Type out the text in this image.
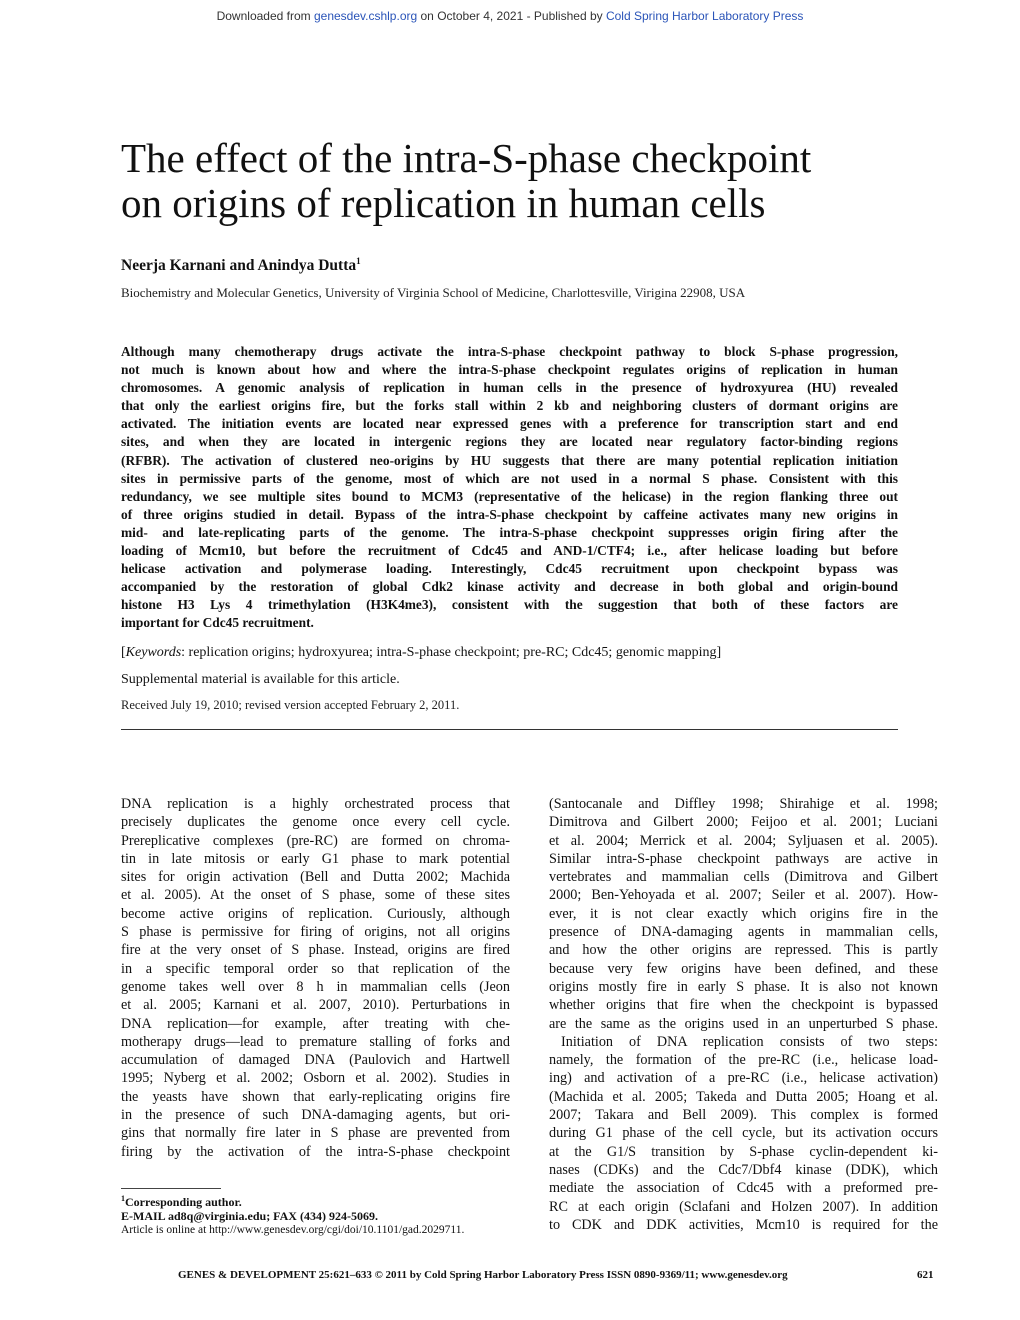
Downloaded from genesdev.cshlp.org on October 4, 2021 - Published by Cold Spring Harbor Laboratory Press
The effect of the intra-S-phase checkpoint
on origins of replication in human cells
Neerja Karnani and Anindya Dutta$^1$
Biochemistry and Molecular Genetics, University of Virginia School of Medicine, Charlottesville, Virigina 22908, USA
Although many chemotherapy drugs activate the intra-S-phase checkpoint pathway to block S-phase progression,
not much is known about how and where the intra-S-phase checkpoint regulates origins of replication in human
chromosomes. A genomic analysis of replication in human cells in the presence of hydroxyurea (HU) revealed
that only the earliest origins fire, but the forks stall within 2 kb and neighboring clusters of dormant origins are
activated. The initiation events are located near expressed genes with a preference for transcription start and end
sites, and when they are located in intergenic regions they are located near regulatory factor-binding regions
(RFBR). The activation of clustered neo-origins by HU suggests that there are many potential replication initiation
sites in permissive parts of the genome, most of which are not used in a normal S phase. Consistent with this
redundancy, we see multiple sites bound to MCM3 (representative of the helicase) in the region flanking three out
of three origins studied in detail. Bypass of the intra-S-phase checkpoint by caffeine activates many new origins in
mid- and late-replicating parts of the genome. The intra-S-phase checkpoint suppresses origin firing after the
loading of Mcm10, but before the recruitment of Cdc45 and AND-1/CTF4; i.e., after helicase loading but before
helicase activation and polymerase loading. Interestingly, Cdc45 recruitment upon checkpoint bypass was
accompanied by the restoration of global Cdk2 kinase activity and decrease in both global and origin-bound
histone H3 Lys 4 trimethylation (H3K4me3), consistent with the suggestion that both of these factors are
important for Cdc45 recruitment.
[Keywords: replication origins; hydroxyurea; intra-S-phase checkpoint; pre-RC; Cdc45; genomic mapping]
Supplemental material is available for this article.
Received July 19, 2010; revised version accepted February 2, 2011.
DNA replication is a highly orchestrated process that
precisely duplicates the genome once every cell cycle.
Prereplicative complexes (pre-RC) are formed on chroma-
tin in late mitosis or early G1 phase to mark potential
sites for origin activation (Bell and Dutta 2002; Machida
et al. 2005). At the onset of S phase, some of these sites
become active origins of replication. Curiously, although
S phase is permissive for firing of origins, not all origins
fire at the very onset of S phase. Instead, origins are fired
in a specific temporal order so that replication of the
genome takes well over 8 h in mammalian cells (Jeon
et al. 2005; Karnani et al. 2007, 2010). Perturbations in
DNA replication—for example, after treating with che-
motherapy drugs—lead to premature stalling of forks and
accumulation of damaged DNA (Paulovich and Hartwell
1995; Nyberg et al. 2002; Osborn et al. 2002). Studies in
the yeasts have shown that early-replicating origins fire
in the presence of such DNA-damaging agents, but ori-
gins that normally fire later in S phase are prevented from
firing by the activation of the intra-S-phase checkpoint
(Santocanale and Diffley 1998; Shirahige et al. 1998;
Dimitrova and Gilbert 2000; Feijoo et al. 2001; Luciani
et al. 2004; Merrick et al. 2004; Syljuasen et al. 2005).
Similar intra-S-phase checkpoint pathways are active in
vertebrates and mammalian cells (Dimitrova and Gilbert
2000; Ben-Yehoyada et al. 2007; Seiler et al. 2007). How-
ever, it is not clear exactly which origins fire in the
presence of DNA-damaging agents in mammalian cells,
and how the other origins are repressed. This is partly
because very few origins have been defined, and these
origins mostly fire in early S phase. It is also not known
whether origins that fire when the checkpoint is bypassed
are the same as the origins used in an unperturbed S phase.
Initiation of DNA replication consists of two steps:
namely, the formation of the pre-RC (i.e., helicase load-
ing) and activation of a pre-RC (i.e., helicase activation)
(Machida et al. 2005; Takeda and Dutta 2005; Hoang et al.
2007; Takara and Bell 2009). This complex is formed
during G1 phase of the cell cycle, but its activation occurs
at the G1/S transition by S-phase cyclin-dependent ki-
nases (CDKs) and the Cdc7/Dbf4 kinase (DDK), which
mediate the association of Cdc45 with a preformed pre-
RC at each origin (Sclafani and Holzen 2007). In addition
to CDK and DDK activities, Mcm10 is required for the
$^1$Corresponding author.
E-MAIL ad8q@virginia.edu; FAX (434) 924-5069.
Article is online at http://www.genesdev.org/cgi/doi/10.1101/gad.2029711.
GENES & DEVELOPMENT 25:621–633 © 2011 by Cold Spring Harbor Laboratory Press ISSN 0890-9369/11; www.genesdev.org	621
